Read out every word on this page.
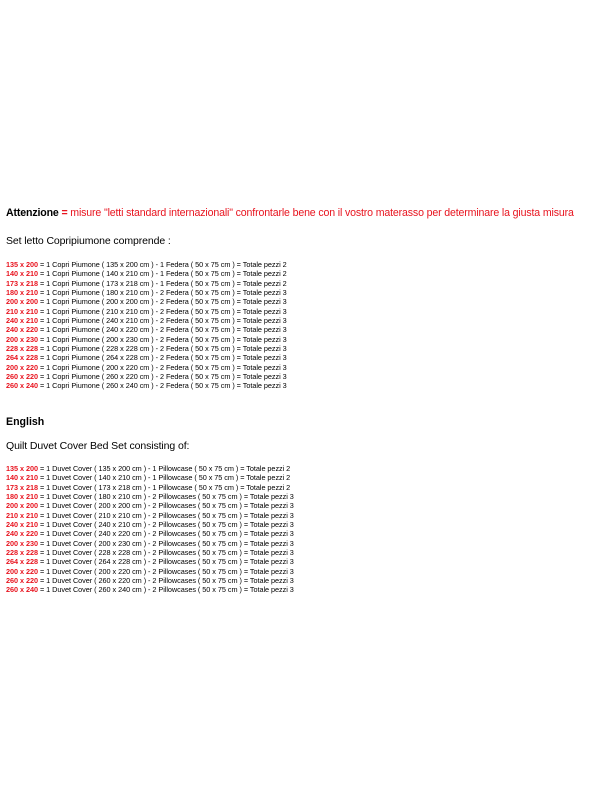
Attenzione = misure "letti standard internazionali" confrontarle bene con il vostro materasso per determinare la giusta misura
Set letto Copripiumone comprende :
135 x 200 = 1 Copri Piumone ( 135 x 200 cm ) - 1 Federa ( 50 x 75 cm ) = Totale pezzi 2
140 x 210 = 1 Copri Piumone ( 140 x 210 cm ) - 1 Federa ( 50 x 75 cm ) = Totale pezzi 2
173 x 218 = 1 Copri Piumone ( 173 x 218 cm ) - 1 Federa ( 50 x 75 cm ) = Totale pezzi 2
180 x 210 = 1 Copri Piumone ( 180 x 210 cm ) - 2 Federa ( 50 x 75 cm ) = Totale pezzi 3
200 x 200 = 1 Copri Piumone ( 200 x 200 cm ) - 2 Federa ( 50 x 75 cm ) = Totale pezzi 3
210 x 210 = 1 Copri Piumone ( 210 x 210 cm ) - 2 Federa ( 50 x 75 cm ) = Totale pezzi 3
240 x 210 = 1 Copri Piumone ( 240 x 210 cm ) - 2 Federa ( 50 x 75 cm ) = Totale pezzi 3
240 x 220 = 1 Copri Piumone ( 240 x 220 cm ) - 2 Federa ( 50 x 75 cm ) = Totale pezzi 3
200 x 230 = 1 Copri Piumone ( 200 x 230 cm ) - 2 Federa ( 50 x 75 cm ) = Totale pezzi 3
228 x 228 = 1 Copri Piumone ( 228 x 228 cm ) - 2 Federa ( 50 x 75 cm ) = Totale pezzi 3
264 x 228 = 1 Copri Piumone ( 264 x 228 cm ) - 2 Federa ( 50 x 75 cm ) = Totale pezzi 3
200 x 220 = 1 Copri Piumone ( 200 x 220 cm ) - 2 Federa ( 50 x 75 cm ) = Totale pezzi 3
260 x 220 = 1 Copri Piumone ( 260 x 220 cm ) - 2 Federa ( 50 x 75 cm ) = Totale pezzi 3
260 x 240 = 1 Copri Piumone ( 260 x 240 cm ) - 2 Federa ( 50 x 75 cm ) = Totale pezzi 3
English
Quilt Duvet Cover Bed Set consisting of:
135 x 200 = 1 Duvet Cover ( 135 x 200 cm ) - 1 Pillowcase ( 50 x 75 cm ) = Totale pezzi 2
140 x 210 = 1 Duvet Cover ( 140 x 210 cm ) - 1 Pillowcase ( 50 x 75 cm ) = Totale pezzi 2
173 x 218 = 1 Duvet Cover ( 173 x 218 cm ) - 1 Pillowcase ( 50 x 75 cm ) = Totale pezzi 2
180 x 210 = 1 Duvet Cover ( 180 x 210 cm ) - 2 Pillowcases ( 50 x 75 cm ) = Totale pezzi 3
200 x 200 = 1 Duvet Cover ( 200 x 200 cm ) - 2 Pillowcases ( 50 x 75 cm ) = Totale pezzi 3
210 x 210 = 1 Duvet Cover ( 210 x 210 cm ) - 2 Pillowcases ( 50 x 75 cm ) = Totale pezzi 3
240 x 210 = 1 Duvet Cover ( 240 x 210 cm ) - 2 Pillowcases ( 50 x 75 cm ) = Totale pezzi 3
240 x 220 = 1 Duvet Cover ( 240 x 220 cm ) - 2 Pillowcases ( 50 x 75 cm ) = Totale pezzi 3
200 x 230 = 1 Duvet Cover ( 200 x 230 cm ) - 2 Pillowcases ( 50 x 75 cm ) = Totale pezzi 3
228 x 228 = 1 Duvet Cover ( 228 x 228 cm ) - 2 Pillowcases ( 50 x 75 cm ) = Totale pezzi 3
264 x 228 = 1 Duvet Cover ( 264 x 228 cm ) - 2 Pillowcases ( 50 x 75 cm ) = Totale pezzi 3
200 x 220 = 1 Duvet Cover ( 200 x 220 cm ) - 2 Pillowcases ( 50 x 75 cm ) = Totale pezzi 3
260 x 220 = 1 Duvet Cover ( 260 x 220 cm ) - 2 Pillowcases ( 50 x 75 cm ) = Totale pezzi 3
260 x 240 = 1 Duvet Cover ( 260 x 240 cm ) - 2 Pillowcases ( 50 x 75 cm ) = Totale pezzi 3
